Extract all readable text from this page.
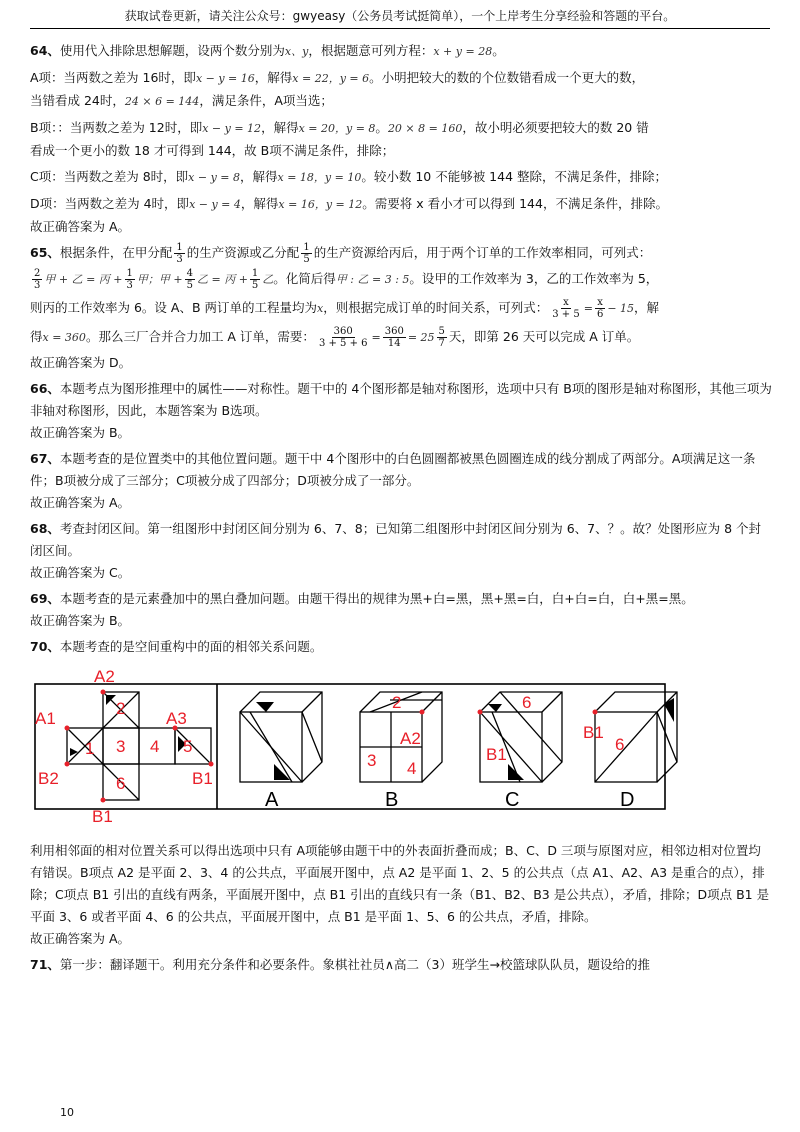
获取试卷更新，请关注公众号：gwyeasy（公务员考试挺简单），一个上岸考生分享经验和答题的平台。

64、使用代入排除思想解题，设两个数分别为x、y，根据题意可列方程：x + y = 28。

A项：当两数之差为 16时，即x − y = 16，解得x = 22，y = 6。小明把较大的数的个位数错看成一个更大的数，
当错看成 24时，24 × 6 = 144，满足条件，A项当选；

B项：：当两数之差为 12时，即x − y = 12，解得x = 20，y = 8。20 × 8 = 160，故小明必须要把较大的数 20 错
看成一个更小的数 18 才可得到 144，故 B项不满足条件，排除；

C项：当两数之差为 8时，即x − y = 8，解得x = 18，y = 10。较小数 10 不能够被 144 整除，不满足条件，排除；

D项：当两数之差为 4时，即x − y = 4，解得x = 16，y = 12。需要将 x 看小才可以得到 144，不满足条件，排除。

故正确答案为 A。

65、根据条件，在甲分配 $\frac{1}{3}$ 的生产资源或乙分配 $\frac{1}{5}$ 的生产资源给丙后，用于两个订单的工作效率相同，可列式：

$\frac{2}{3}$ 甲 + 乙 = 丙 + $\frac{1}{3}$ 甲；甲 + $\frac{4}{5}$ 乙 = 丙 + $\frac{1}{5}$ 乙。化简后得甲 : 乙 = 3 : 5。设甲的工作效率为 3，乙的工作效率为 5，

则丙的工作效率为 6。设 A、B 两订单的工程量均为x，则根据完成订单的时间关系，可列式： $\frac{x}{3 + 5} = \frac{x}{6} - 15$，解

得x = 360。那么三厂合并合力加工 A 订单，需要： $\frac{360}{3 + 5 + 6} = \frac{360}{14} = 25 \frac{5}{7}$ 天，即第 26 天可以完成 A 订单。

故正确答案为 D。

66、本题考点为图形推理中的属性——对称性。题干中的 4个图形都是轴对称图形，选项中只有 B项的图形是轴对称图形，其他三项为非轴对称图形，因此，本题答案为 B选项。

故正确答案为 B。

67、本题考查的是位置类中的其他位置问题。题干中 4个图形中的白色圆圈都被黑色圆圈连成的线分割成了两部分。A项满足这一条件；B项被分成了三部分；C项被分成了四部分；D项被分成了一部分。

故正确答案为 A。

68、考查封闭区间。第一组图形中封闭区间分别为 6、7、8；已知第二组图形中封闭区间分别为 6、7、？。故？处图形应为 8 个封闭区间。

故正确答案为 C。

69、本题考查的是元素叠加中的黑白叠加问题。由题干得出的规律为黑+白=黑，黑+黑=白，白+白=白，白+黑=黑。

故正确答案为 B。

70、本题考查的是空间重构中的面的相邻关系问题。

A2
A1	A3
B2	B1
B1
1 3 4 5
6
2	2
A2
3 4
6
B1
B1
6
A	B	C	D

利用相邻面的相对位置关系可以得出选项中只有 A项能够由题干中的外表面折叠而成；B、C、D 三项与原图对应，相邻边相对位置均有错误。B项点 A2 是平面 2、3、4 的公共点，平面展开图中，点 A2 是平面 1、2、5 的公共点（点 A1、A2、A3 是重合的点），排除；C项点 B1 引出的直线有两条，平面展开图中，点 B1 引出的直线只有一条（B1、B2、B3 是公共点），矛盾，排除；D项点 B1 是平面 3、6 或者平面 4、6 的公共点，平面展开图中，点 B1 是平面 1、5、6 的公共点，矛盾，排除。

故正确答案为 A。

71、第一步：翻译题干。利用充分条件和必要条件。象棋社社员∧高二（3）班学生→校篮球队队员，题设给的推

10
